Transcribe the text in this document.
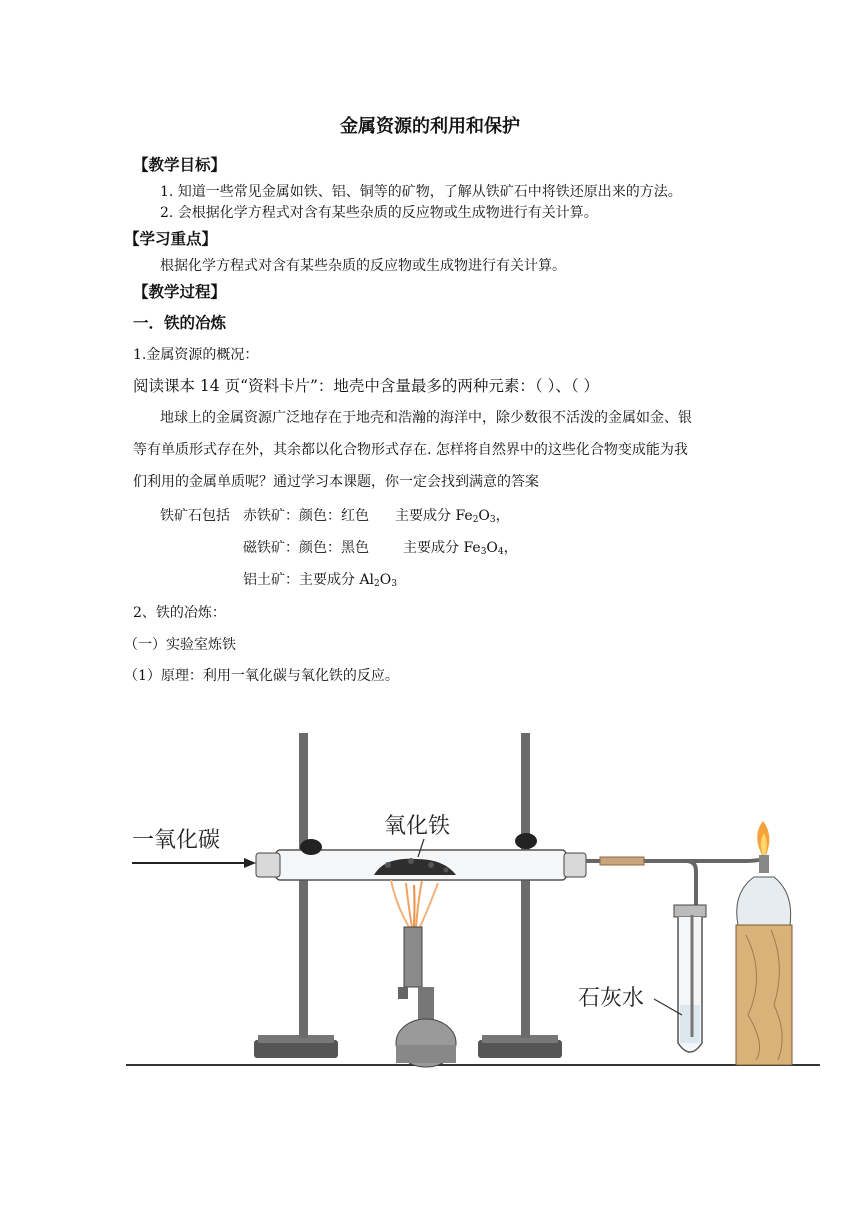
金属资源的利用和保护
【教学目标】
1. 知道一些常见金属如铁、铝、铜等的矿物，了解从铁矿石中将铁还原出来的方法。
2. 会根据化学方程式对含有某些杂质的反应物或生成物进行有关计算。
【学习重点】
根据化学方程式对含有某些杂质的反应物或生成物进行有关计算。
【教学过程】
一．铁的冶炼
1.金属资源的概况：
阅读课本 14 页“资料卡片”：地壳中含量最多的两种元素：（ ）、（ ）
地球上的金属资源广泛地存在于地壳和浩瀚的海洋中，除少数很不活泼的金属如金、银
等有单质形式存在外，其余都以化合物形式存在. 怎样将自然界中的这些化合物变成能为我
们利用的金属单质呢？通过学习本课题，你一定会找到满意的答案
铁矿石包括 赤铁矿：颜色：红色 主要成分 $Fe_2O_3$，
磁铁矿：颜色：黑色 主要成分 $Fe_3O_4$，
铝土矿：主要成分 $Al_2O_3$
2、铁的冶炼：
（一）实验室炼铁
（1）原理：利用一氧化碳与氧化铁的反应。
一氧化碳
氧化铁
石灰水
